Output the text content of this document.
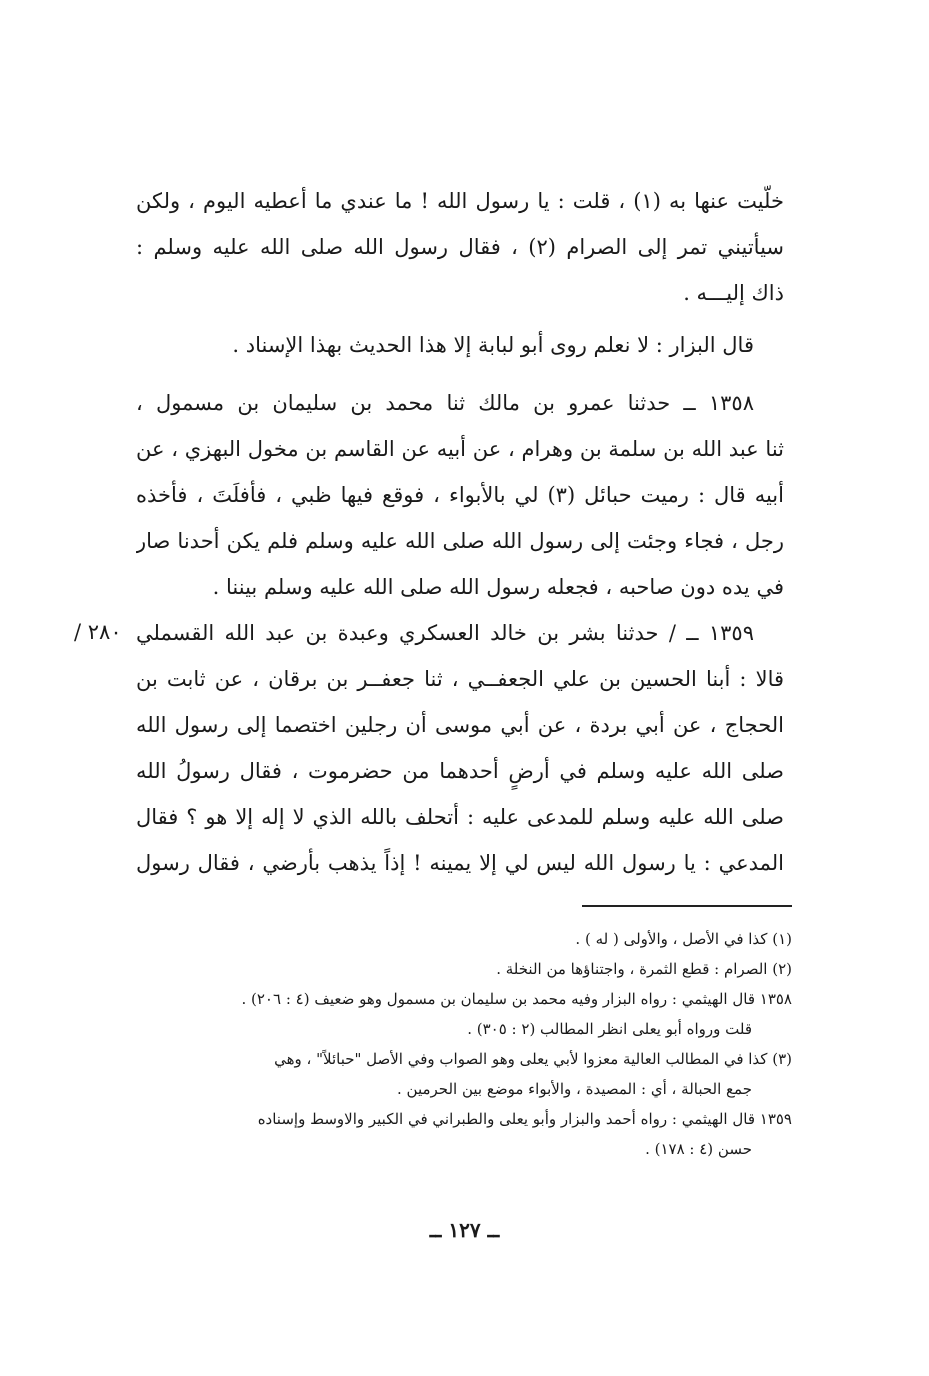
خلّيت عنها به (١) ، قلت : يا رسول الله ! ما عندي ما أعطيه اليوم ، ولكن
سيأتيني تمر إلى الصرام (٢) ، فقال رسول الله صلى الله عليه وسلم :
ذاك إليـــه .
قال البزار : لا نعلم روى أبو لبابة إلا هذا الحديث بهذا الإسناد .
١٣٥٨ ــ حدثنا عمرو بن مالك ثنا محمد بن سليمان بن مسمول ،
ثنا عبد الله بن سلمة بن وهرام ، عن أبيه عن القاسم بن مخول البهزي ، عن
أبيه قال : رميت حبائل (٣) لي بالأبواء ، فوقع فيها ظبي ، فأفلَتَ ، فأخذه
رجل ، فجاء وجئت إلى رسول الله صلى الله عليه وسلم فلم يكن أحدنا صار
في يده دون صاحبه ، فجعله رسول الله صلى الله عليه وسلم بيننا .
١٣٥٩ ــ / حدثنا بشر بن خالد العسكري وعبدة بن عبد الله القسملي
قالا : أبنا الحسين بن علي الجعفــي ، ثنا جعفــر بن برقان ، عن ثابت بن
الحجاج ، عن أبي بردة ، عن أبي موسى أن رجلين اختصما إلى رسول الله
صلى الله عليه وسلم في أرضٍ أحدهما من حضرموت ، فقال رسولُ الله
صلى الله عليه وسلم للمدعى عليه : أتحلف بالله الذي لا إله إلا هو ؟ فقال
المدعي : يا رسول الله ليس لي إلا يمينه ! إذاً يذهب بأرضي ، فقال رسول
٢٨٠ /
(١) كذا في الأصل ، والأولى ( له ) .
(٢) الصرام : قطع الثمرة ، واجتناؤها من النخلة .
١٣٥٨ قال الهيثمي : رواه البزار وفيه محمد بن سليمان بن مسمول وهو ضعيف (٤ : ٢٠٦) .
قلت ورواه أبو يعلى انظر المطالب (٢ : ٣٠٥) .
(٣) كذا في المطالب العالية معزوا لأبي يعلى وهو الصواب وفي الأصل "حبائلاً" ، وهي
جمع الحبالة ، أي : المصيدة ، والأبواء موضع بين الحرمين .
١٣٥٩ قال الهيثمي : رواه أحمد والبزار وأبو يعلى والطبراني في الكبير والاوسط وإسناده
حسن (٤ : ١٧٨) .
ــ ١٢٧ ــ
